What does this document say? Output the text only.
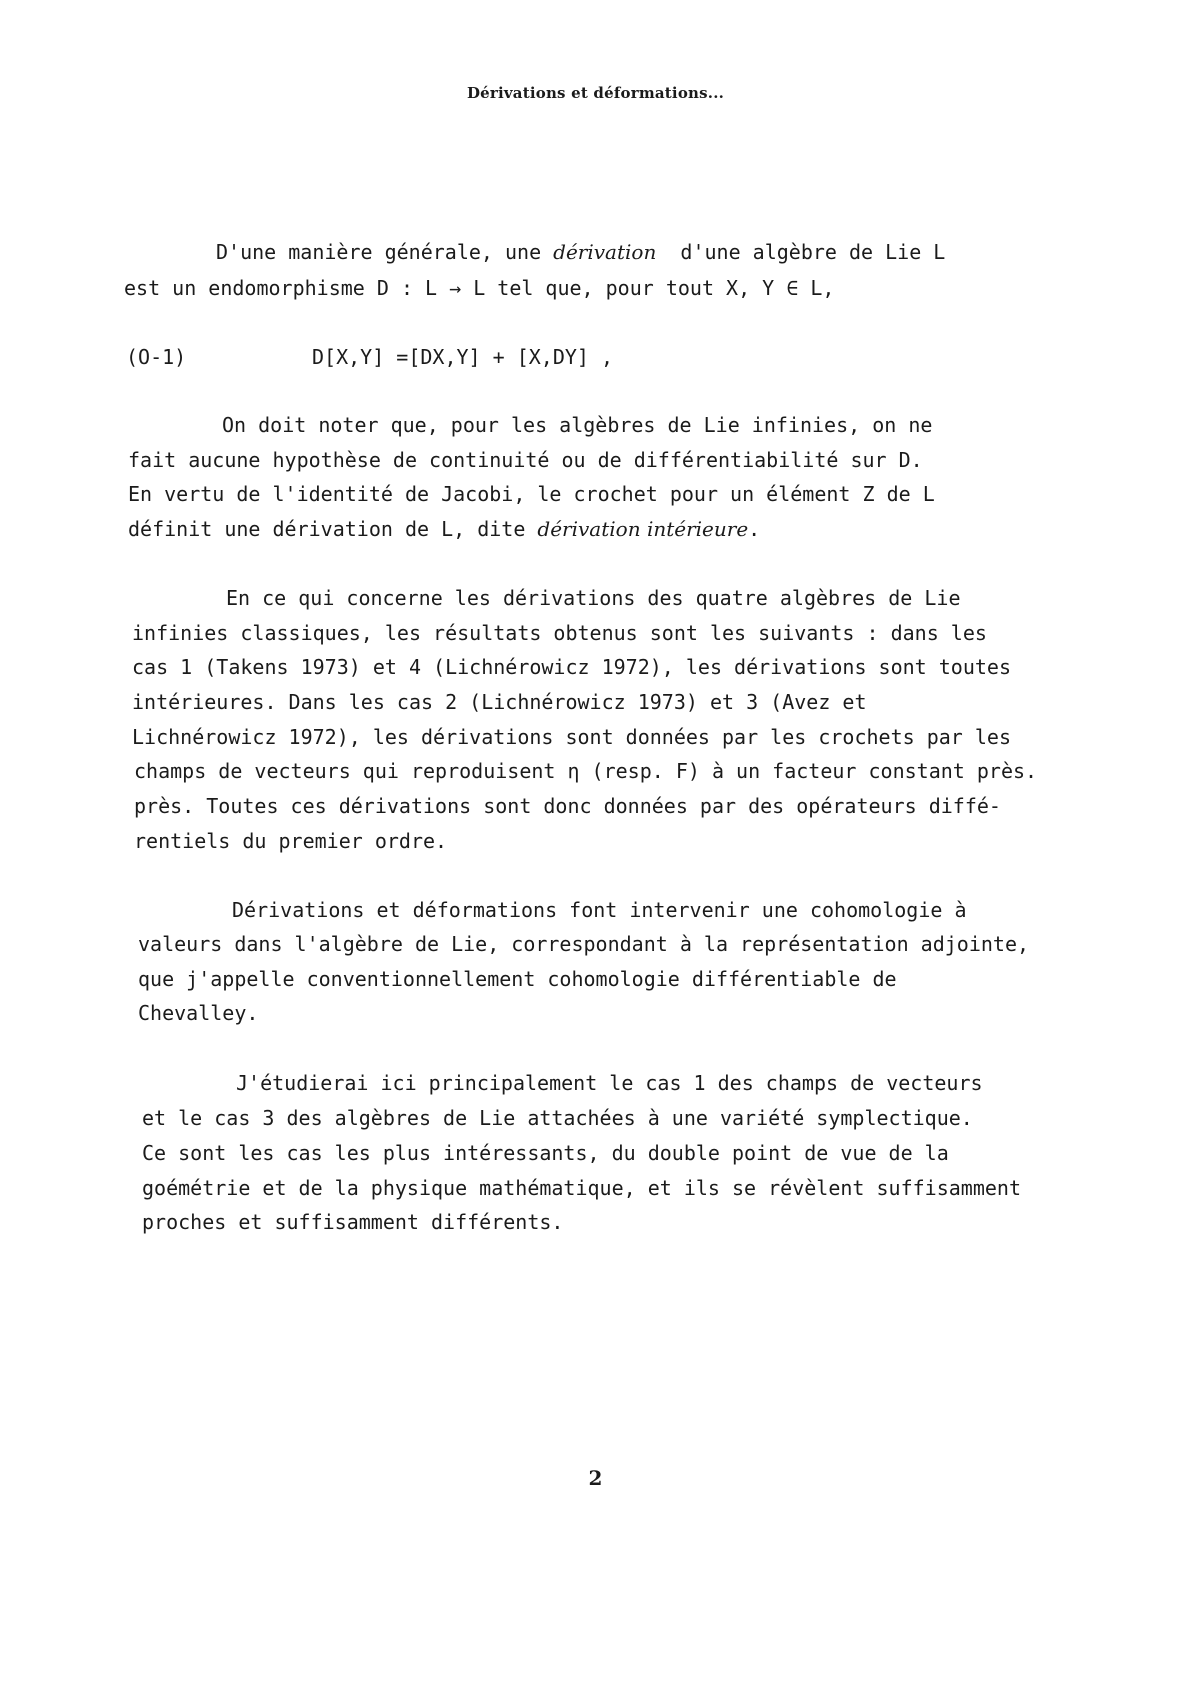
Dérivations et déformations...
D'une manière générale, une dérivation  d'une algèbre de Lie L
est un endomorphisme D : L → L tel que, pour tout X, Y ∈ L,
(O-1)	D[X,Y] =[DX,Y] + [X,DY] ,
On doit noter que, pour les algèbres de Lie infinies, on ne
fait aucune hypothèse de continuité ou de différentiabilité sur D.
En vertu de l'identité de Jacobi, le crochet pour un élément Z de L
définit une dérivation de L, dite dérivation intérieure.
En ce qui concerne les dérivations des quatre algèbres de Lie
infinies classiques, les résultats obtenus sont les suivants : dans les
cas 1 (Takens 1973) et 4 (Lichnérowicz 1972), les dérivations sont toutes
intérieures. Dans les cas 2 (Lichnérowicz 1973) et 3 (Avez et
Lichnérowicz 1972), les dérivations sont données par les crochets par les
champs de vecteurs qui reproduisent η (resp. F) à un facteur constant près.
près. Toutes ces dérivations sont donc données par des opérateurs diffé-
rentiels du premier ordre.
Dérivations et déformations font intervenir une cohomologie à
valeurs dans l'algèbre de Lie, correspondant à la représentation adjointe,
que j'appelle conventionnellement cohomologie différentiable de
Chevalley.
J'étudierai ici principalement le cas 1 des champs de vecteurs
et le cas 3 des algèbres de Lie attachées à une variété symplectique.
Ce sont les cas les plus intéressants, du double point de vue de la
goémétrie et de la physique mathématique, et ils se révèlent suffisamment
proches et suffisamment différents.
2
